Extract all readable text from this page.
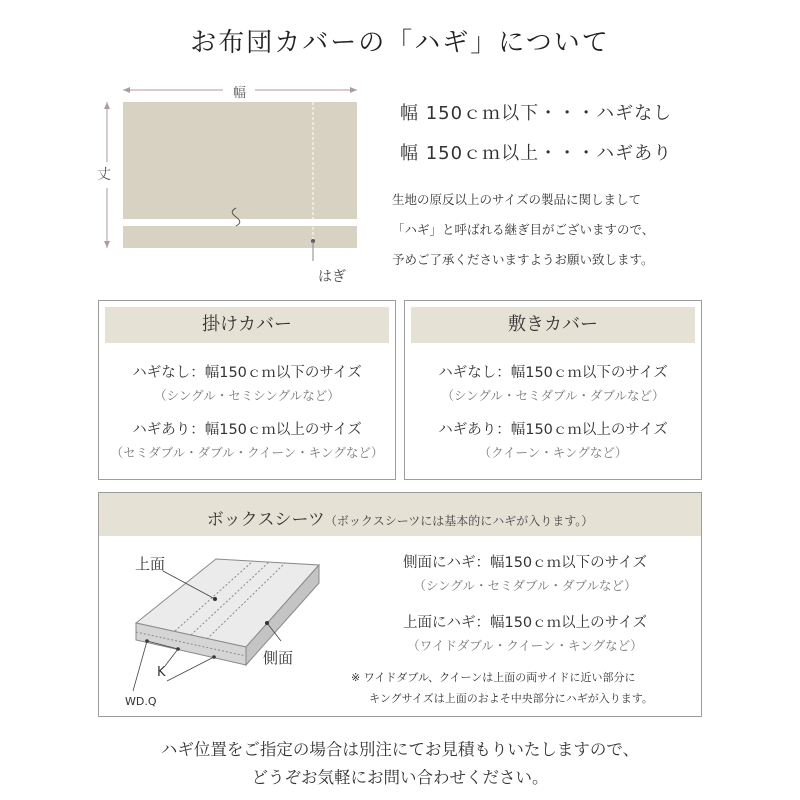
お布団カバーの「ハギ」について
幅
丈
はぎ
幅 150ｃｍ以下・・・ハギなし
幅 150ｃｍ以上・・・ハギあり
生地の原反以上のサイズの製品に関しまして
「ハギ」と呼ばれる継ぎ目がございますので、
予めご了承くださいますようお願い致します。
掛けカバー
ハギなし：幅150ｃｍ以下のサイズ
（シングル・セミシングルなど）
ハギあり：幅150ｃｍ以上のサイズ
（セミダブル・ダブル・クイーン・キングなど）
敷きカバー
ハギなし：幅150ｃｍ以下のサイズ
（シングル・セミダブル・ダブルなど）
ハギあり：幅150ｃｍ以上のサイズ
（クイーン・キングなど）
ボックスシーツ（ボックスシーツには基本的にハギが入ります。）
上面
側面
K
WD.Q
側面にハギ：幅150ｃｍ以下のサイズ
（シングル・セミダブル・ダブルなど）
上面にハギ：幅150ｃｍ以上のサイズ
（ワイドダブル・クイーン・キングなど）
※ ワイドダブル、クイーンは上面の両サイドに近い部分に
キングサイズは上面のおよそ中央部分にハギが入ります。
ハギ位置をご指定の場合は別注にてお見積もりいたしますので、
どうぞお気軽にお問い合わせください。
